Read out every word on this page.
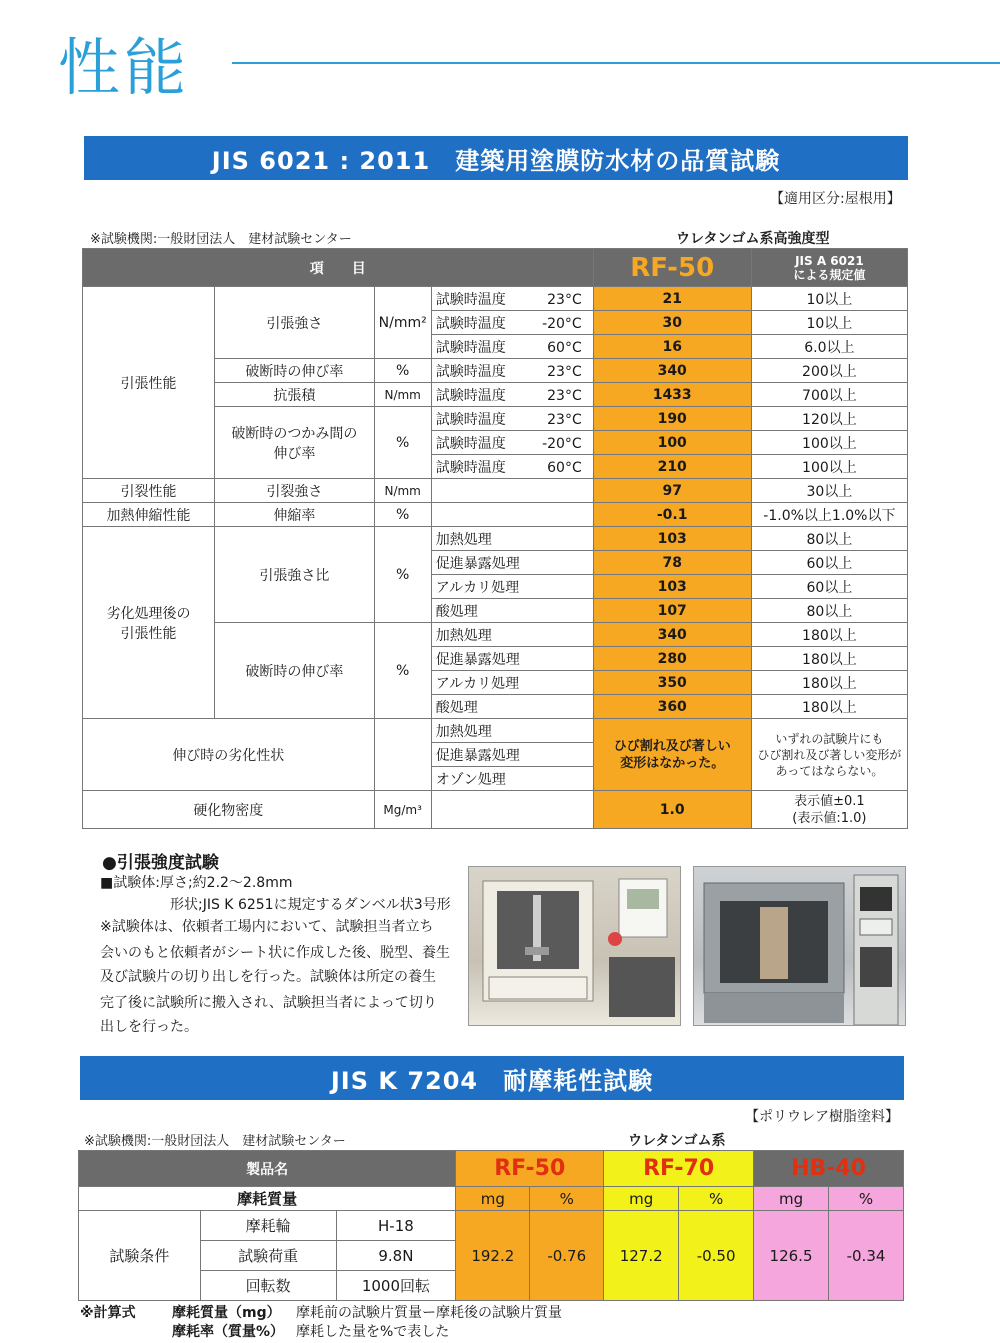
性能
JIS 6021 : 2011　建築用塗膜防水材の品質試験
【適用区分:屋根用】
※試験機関:一般財団法人　建材試験センター	ウレタンゴム系高強度型
項　　目				RF-50	JIS A 6021
による規定値
引張性能	引張強さ	N/mm²	試験時温度 23°C	21	10以上
			試験時温度 -20°C	30	10以上
			試験時温度 60°C	16	6.0以上
	破断時の伸び率	%	試験時温度 23°C	340	200以上
	抗張積	N/mm	試験時温度 23°C	1433	700以上
	破断時のつかみ間の
伸び率	%	試験時温度 23°C	190	120以上
			試験時温度 -20°C	100	100以上
			試験時温度 60°C	210	100以上
引裂性能	引裂強さ	N/mm		97	30以上
加熱伸縮性能	伸縮率	%		-0.1	-1.0%以上1.0%以下
劣化処理後の
引張性能	引張強さ比	%	加熱処理	103	80以上
			促進暴露処理	78	60以上
			アルカリ処理	103	60以上
			酸処理	107	80以上
	破断時の伸び率	%	加熱処理	340	180以上
			促進暴露処理	280	180以上
			アルカリ処理	350	180以上
			酸処理	360	180以上
伸び時の劣化性状			加熱処理	ひび割れ及び著しい
変形はなかった。	いずれの試験片にも
ひび割れ及び著しい変形が
あってはならない。
			促進暴露処理		
			オゾン処理		
硬化物密度		Mg/m³		1.0	表示値±0.1
(表示値:1.0)
●引張強度試験
■試験体:厚さ;約2.2〜2.8mm
形状;JIS K 6251に規定するダンベル状3号形
※試験体は、依頼者工場内において、試験担当者立ち
会いのもと依頼者がシート状に作成した後、脱型、養生
及び試験片の切り出しを行った。試験体は所定の養生
完了後に試験所に搬入され、試験担当者によって切り
出しを行った。
JIS K 7204　耐摩耗性試験
【ポリウレア樹脂塗料】
※試験機関:一般財団法人　建材試験センター	ウレタンゴム系
製品名			RF-50		RF-70		HB-40	
摩耗質量			mg	%	mg	%	mg	%
試験条件	摩耗輪	H-18	192.2	-0.76	127.2	-0.50	126.5	-0.34
	試験荷重	9.8N						
	回転数	1000回転						
※計算式	摩耗質量（mg） 摩耗前の試験片質量ー摩耗後の試験片質量
摩耗率（質量%） 摩耗した量を%で表した
